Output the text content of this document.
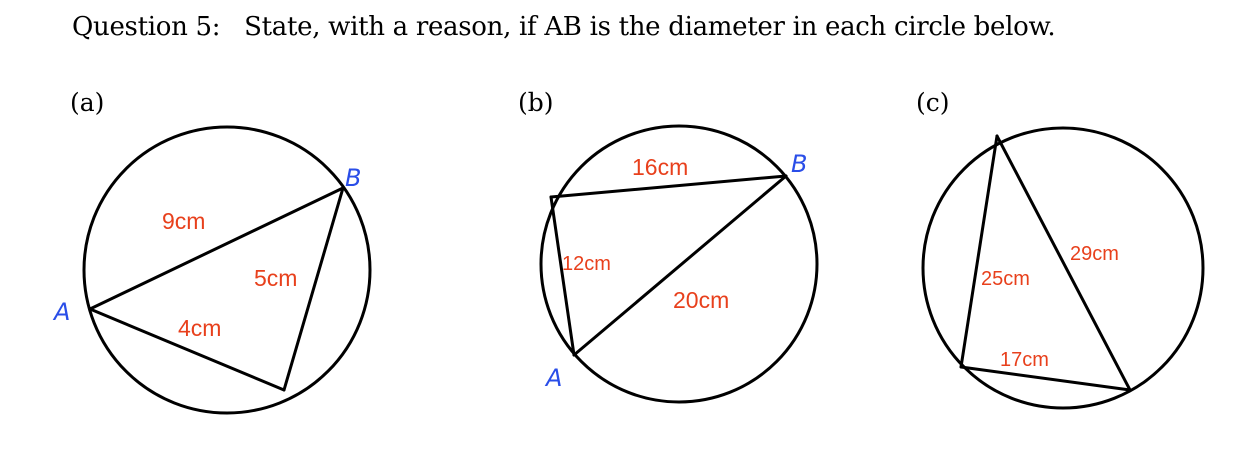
Question 5:   State, with a reason, if AB is the diameter in each circle below.
(a)
9cm
5cm
4cm
A
B
(b)
16cm
12cm
20cm
A
B
(c)
29cm
25cm
17cm
